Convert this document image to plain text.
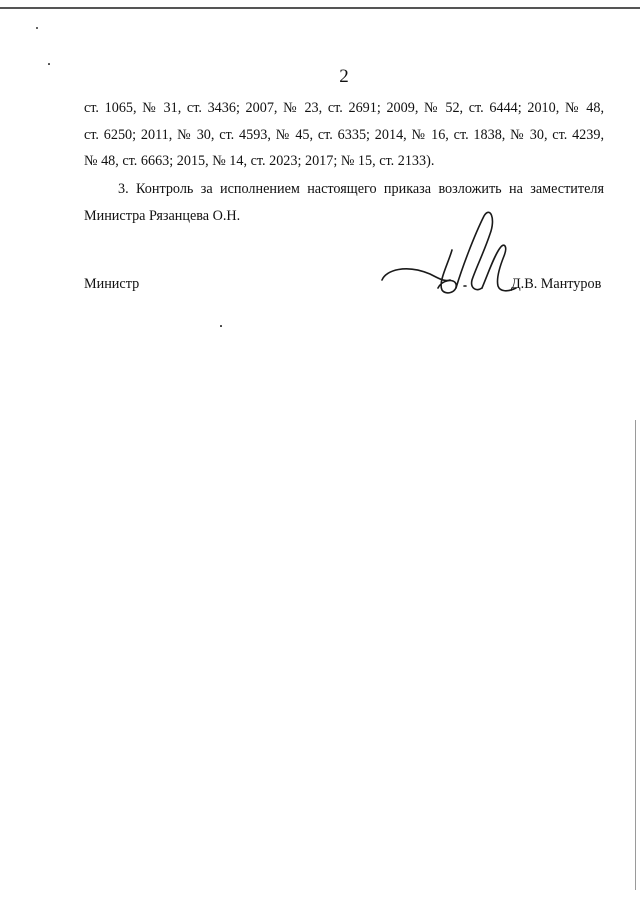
2

ст. 1065, № 31, ст. 3436; 2007, № 23, ст. 2691; 2009, № 52, ст. 6444; 2010, № 48,

ст. 6250; 2011, № 30, ст. 4593, № 45, ст. 6335; 2014, № 16, ст. 1838, № 30, ст. 4239,

№ 48, ст. 6663; 2015, № 14, ст. 2023; 2017; № 15, ст. 2133).

3. Контроль за исполнением настоящего приказа возложить на заместителя

Министра Рязанцева О.Н.

Министр	Д.В. Мантуров
